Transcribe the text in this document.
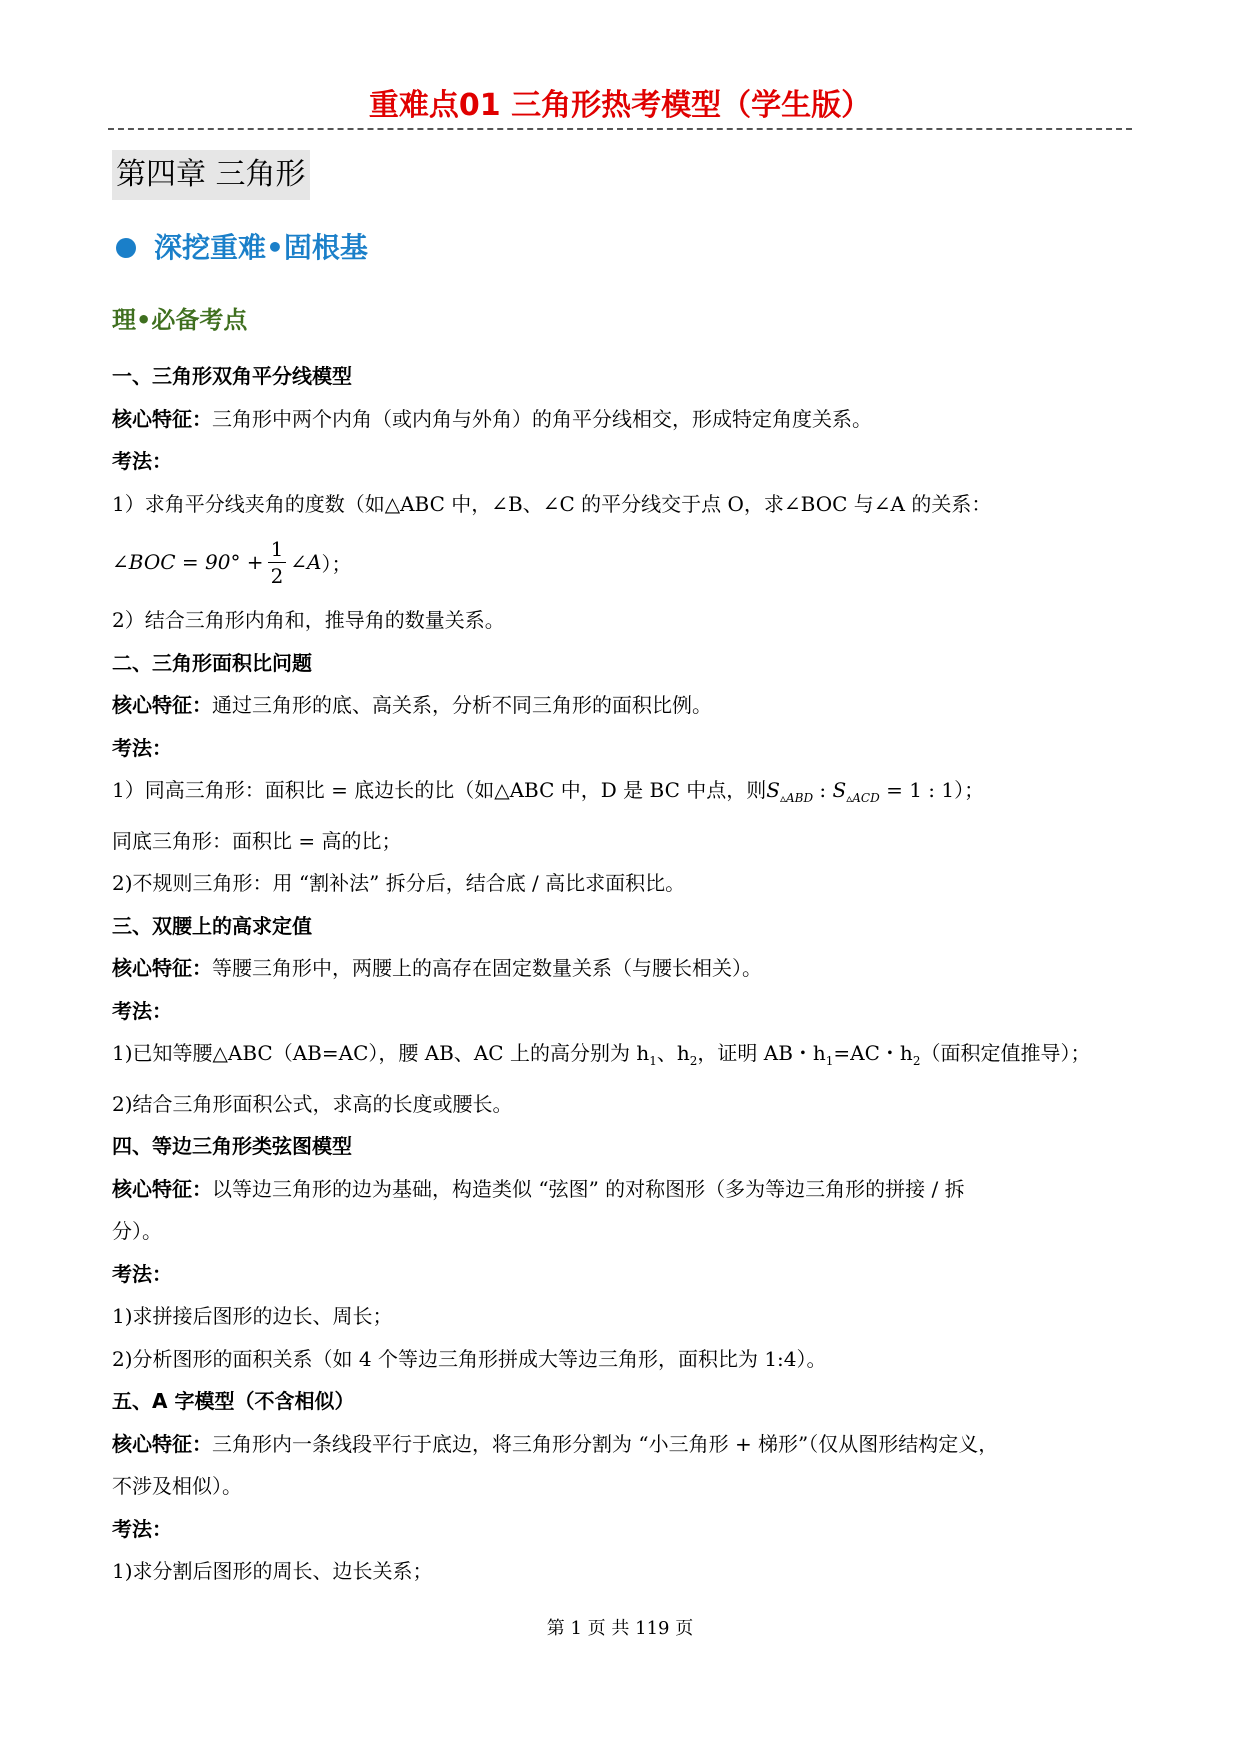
重难点01 三角形热考模型（学生版）
第四章 三角形
深挖重难•固根基
理•必备考点
一、三角形双角平分线模型
核心特征：三角形中两个内角（或内角与外角）的角平分线相交，形成特定角度关系。
考法：
1）求角平分线夹角的度数（如△ABC 中，∠B、∠C 的平分线交于点 O，求∠BOC 与∠A 的关系：
∠BOC = $90^\circ + \frac{1}{2}$ ∠A ）；
2）结合三角形内角和，推导角的数量关系。
二、三角形面积比问题
核心特征：通过三角形的底、高关系，分析不同三角形的面积比例。
考法：
1）同高三角形：面积比 = 底边长的比（如△ABC 中，D 是 BC 中点，则$S_{▵ABD}$ : $S_{▵ACD} = 1$ : 1）；
同底三角形：面积比 = 高的比；
2)不规则三角形：用 “割补法” 拆分后，结合底 / 高比求面积比。
三、双腰上的高求定值
核心特征：等腰三角形中，两腰上的高存在固定数量关系（与腰长相关）。
考法：
1)已知等腰△ABC（AB=AC），腰 AB、AC 上的高分别为 $h_1$、$h_2$，证明 AB・$h_1=AC$・$h_2$（面积定值推导）；
2)结合三角形面积公式，求高的长度或腰长。
四、等边三角形类弦图模型
核心特征：以等边三角形的边为基础，构造类似 “弦图” 的对称图形（多为等边三角形的拼接 / 拆
分）。
考法：
1)求拼接后图形的边长、周长；
2)分析图形的面积关系（如 4 个等边三角形拼成大等边三角形，面积比为 1:4）。
五、A 字模型（不含相似）
核心特征：三角形内一条线段平行于底边，将三角形分割为 “小三角形 + 梯形”（仅从图形结构定义，
不涉及相似）。
考法：
1)求分割后图形的周长、边长关系；
第 1 页 共 119 页
